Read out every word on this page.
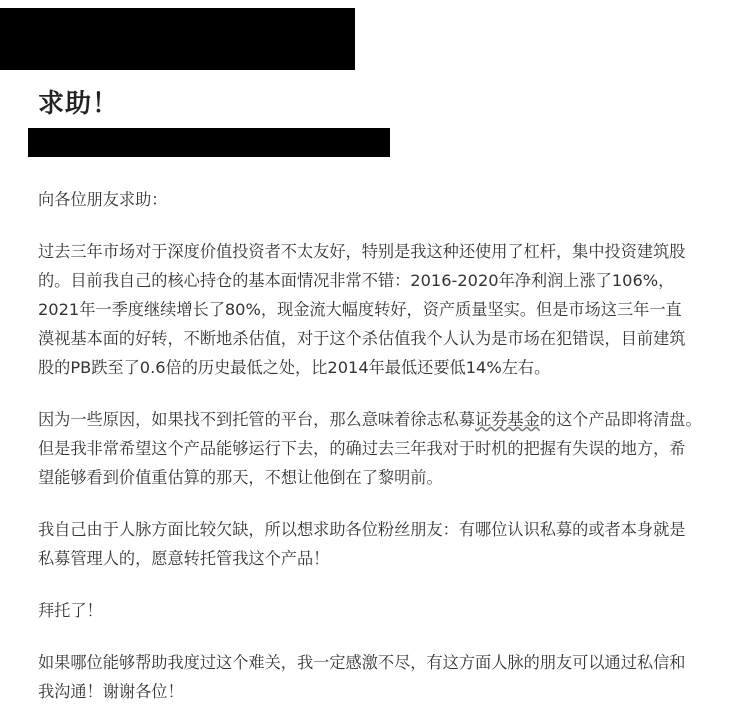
求助！

向各位朋友求助：

过去三年市场对于深度价值投资者不太友好，特别是我这种还使用了杠杆，集中投资建筑股
的。目前我自己的核心持仓的基本面情况非常不错：2016-2020年净利润上涨了106%，
2021年一季度继续增长了80%，现金流大幅度转好，资产质量坚实。但是市场这三年一直
漠视基本面的好转，不断地杀估值，对于这个杀估值我个人认为是市场在犯错误，目前建筑
股的PB跌至了0.6倍的历史最低之处，比2014年最低还要低14%左右。

因为一些原因，如果找不到托管的平台，那么意味着徐志私募证券基金的这个产品即将清盘。
但是我非常希望这个产品能够运行下去，的确过去三年我对于时机的把握有失误的地方，希
望能够看到价值重估算的那天，不想让他倒在了黎明前。

我自己由于人脉方面比较欠缺，所以想求助各位粉丝朋友：有哪位认识私募的或者本身就是
私募管理人的，愿意转托管我这个产品！

拜托了！

如果哪位能够帮助我度过这个难关，我一定感激不尽，有这方面人脉的朋友可以通过私信和
我沟通！谢谢各位！
